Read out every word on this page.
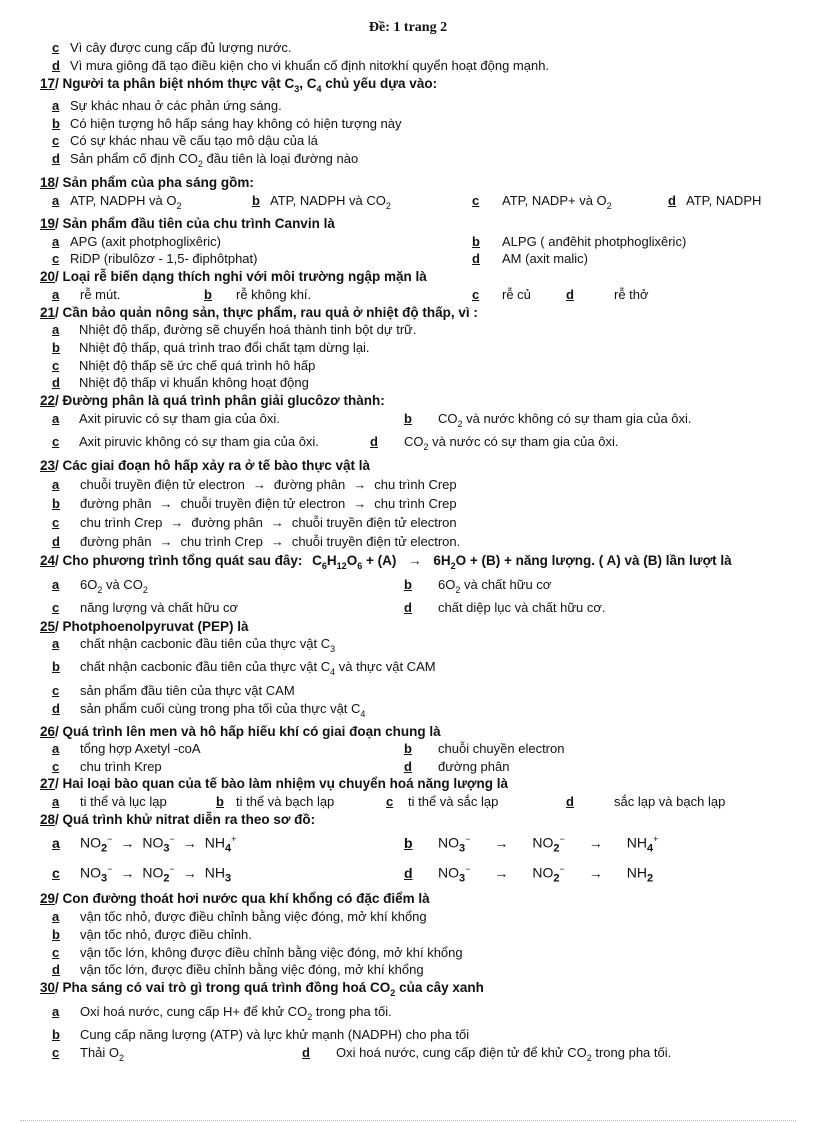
Đề: 1 trang 2
c Vì cây được cung cấp đủ lượng nước.
d Vì mưa giông đã tạo điều kiện cho vi khuẩn cố định nitơkhí quyển hoạt động mạnh.
17/ Người ta phân biệt nhóm thực vật $C_3$, $C_4$ chủ yếu dựa vào:
a Sự khác nhau ở các phản ứng sáng.
b Có hiện tượng hô hấp sáng hay không có hiện tượng này
c Có sự khác nhau về cấu tạo mô dậu của lá
d Sản phẩm cố định $CO_2$ đầu tiên là loại đường nào
18/ Sản phẩm của pha sáng gồm:
a ATP, NADPH và $O_2$	b ATP, NADPH và $CO_2$	c ATP, NADP+ và $O_2$	d ATP, NADPH
19/ Sản phẩm đầu tiên của chu trình Canvin là
a APG (axit photphoglixêric)	b ALPG ( anđêhit photphoglixêric)
c RiDP (ribulôzơ - 1,5- điphôtphat)	d AM (axit malic)
20/ Loại rễ biến dạng thích nghi với môi trường ngập mặn là
a rễ mút.	b rễ không khí.	c rễ củ	d	rễ thở
21/ Cần bảo quản nông sản, thực phẩm, rau quả ở nhiệt độ thấp, vì :
a Nhiệt độ thấp, đường sẽ chuyển hoá thành tinh bột dự trữ.
b Nhiệt độ thấp, quá trình trao đổi chất tạm dừng lại.
c Nhiệt độ thấp sẽ ức chế quá trình hô hấp
d Nhiệt độ thấp vi khuẩn không hoạt động
22/ Đường phân là quá trình phân giải glucôzơ thành:
a Axit piruvic có sự tham gia của ôxi.	b $CO_2$ và nước không có sự tham gia của ôxi.
c Axit piruvic không có sự tham gia của ôxi.	d $CO_2$ và nước có sự tham gia của ôxi.
23/ Các giai đoạn hô hấp xảy ra ở tế bào thực vật là
a chuỗi truyền điện tử electron → đường phân → chu trình Crep
b đường phân → chuỗi truyền điện tử electron → chu trình Crep
c chu trình Crep → đường phân → chuỗi truyền điện tử electron
d đường phân → chu trình Crep → chuỗi truyền điện tử electron.
24/ Cho phương trình tổng quát sau đây: $C_6H_{12}O_6 + (A) \to 6H_2O + (B)$ + năng lượng. ( A) và (B) lần lượt là
a $6O_2$ và $CO_2$	b $6O_2$ và chất hữu cơ
c năng lượng và chất hữu cơ	d chất diệp lục và chất hữu cơ.
25/ Photphoenolpyruvat (PEP) là
a chất nhận cacbonic đầu tiên của thực vật $C_3$
b chất nhận cacbonic đầu tiên của thực vật $C_4$ và thực vật CAM
c sản phẩm đầu tiên của thực vật CAM
d sản phẩm cuối cùng trong pha tối của thực vật $C_4$
26/ Quá trình lên men và hô hấp hiếu khí có giai đoạn chung là
a tổng hợp Axetyl -coA	b chuỗi chuyền electron
c chu trình Krep	d đường phân
27/ Hai loại bào quan của tế bào làm nhiệm vụ chuyển hoá năng lượng là
a ti thể và lục lạp	b ti thể và bạch lạp	c ti thể và sắc lạp	d	sắc lạp và bạch lạp
28/ Quá trình khử nitrat diễn ra theo sơ đồ:
a $NO_2^- \to NO_3^- \to NH_4^+$	b $NO_3^- \to NO_2^- \to NH_4^+$
c $NO_3^- \to NO_2^- \to NH_3$	d $NO_3^- \to NO_2^- \to NH_2$
29/ Con đường thoát hơi nước qua khí khổng có đặc điểm là
a vận tốc nhỏ, được điều chỉnh bằng việc đóng, mở khí khổng
b vận tốc nhỏ, được điều chỉnh.
c vận tốc lớn, không được điều chỉnh bằng việc đóng, mở khí khổng
d vận tốc lớn, được điều chỉnh bằng việc đóng, mở khí khổng
30/ Pha sáng có vai trò gì trong quá trình đồng hoá $CO_2$ của cây xanh
a Oxi hoá nước, cung cấp H+ để khử $CO_2$ trong pha tối.
b Cung cấp năng lượng (ATP) và lực khử mạnh (NADPH) cho pha tối
c Thải $O_2$	d Oxi hoá nước, cung cấp điện tử để khử $CO_2$ trong pha tối.
